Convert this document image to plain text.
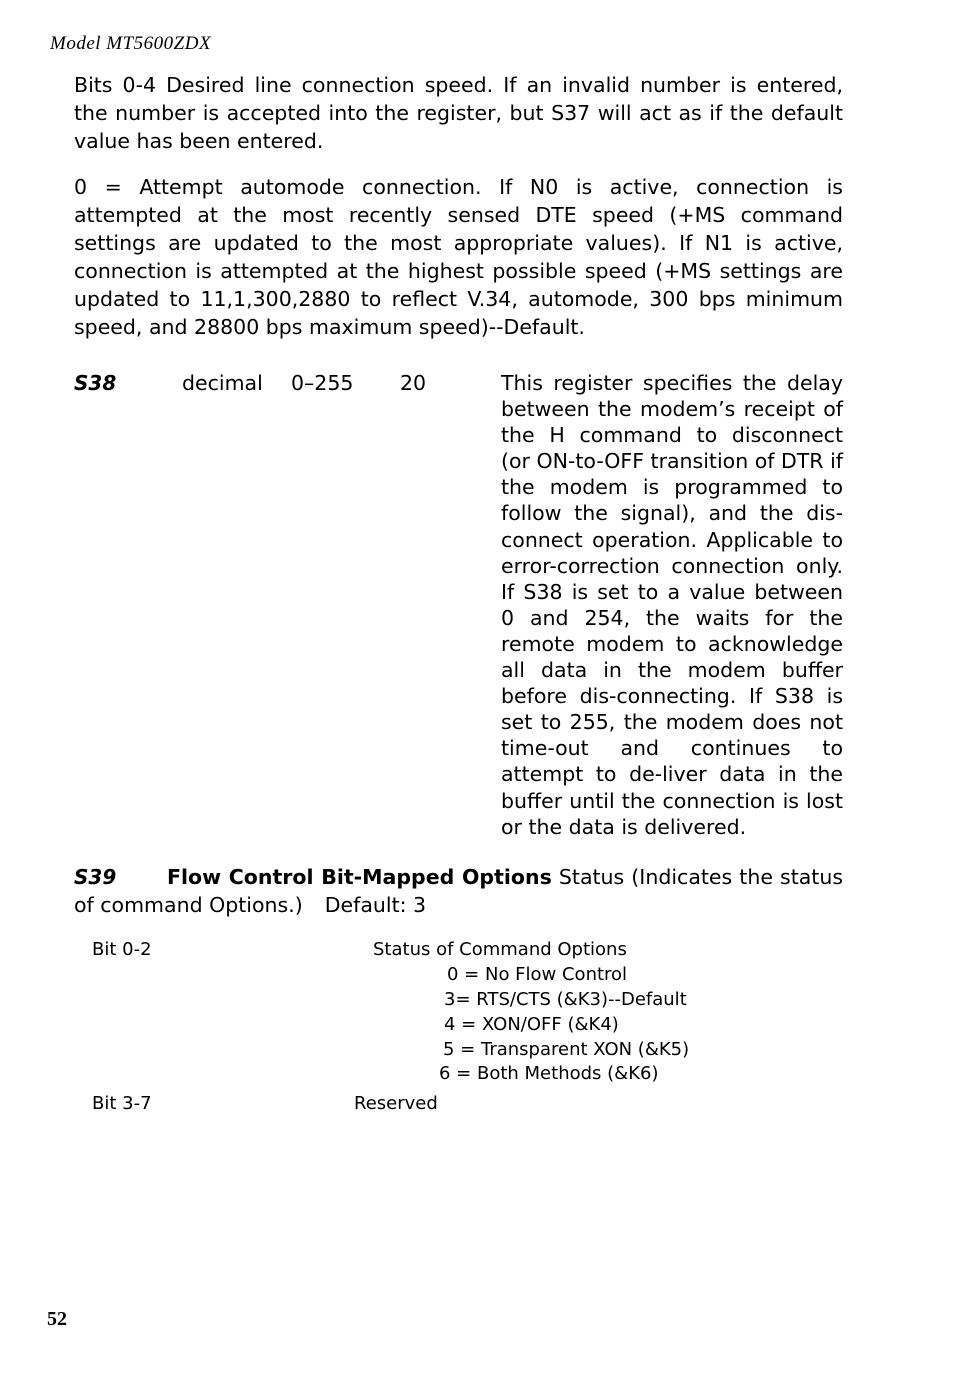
Model MT5600ZDX
Bits 0-4 Desired line connection speed. If an invalid number is entered, the number is accepted into the register, but S37 will act as if the default value has been entered.
0 = Attempt automode connection. If N0 is active, connection is attempted at the most recently sensed DTE speed (+MS command settings are updated to the most appropriate values). If N1 is active, connection is attempted at the highest possible speed (+MS settings are updated to 11,1,300,2880 to reflect V.34, automode, 300 bps minimum speed, and 28800 bps maximum speed)--Default.
S38	decimal 0–255 20	This register specifies the delay between the modem’s receipt of the H command to disconnect (or ON-to-OFF transition of DTR if the modem is programmed to follow the signal), and the dis-connect operation. Applicable to error-correction connection only. If S38 is set to a value between 0 and 254, the waits for the remote modem to acknowledge all data in the modem buffer before dis-connecting. If S38 is set to 255, the modem does not time-out and continues to attempt to de-liver data in the buffer until the connection is lost or the data is delivered.
S39 Flow Control Bit-Mapped Options Status (Indicates the status of command Options.) Default: 3
Bit 0-2	Status of Command Options
0 = No Flow Control
3= RTS/CTS (&K3)--Default
4 = XON/OFF (&K4)
5 = Transparent XON (&K5)
6 = Both Methods (&K6)
Bit 3-7	Reserved
52
